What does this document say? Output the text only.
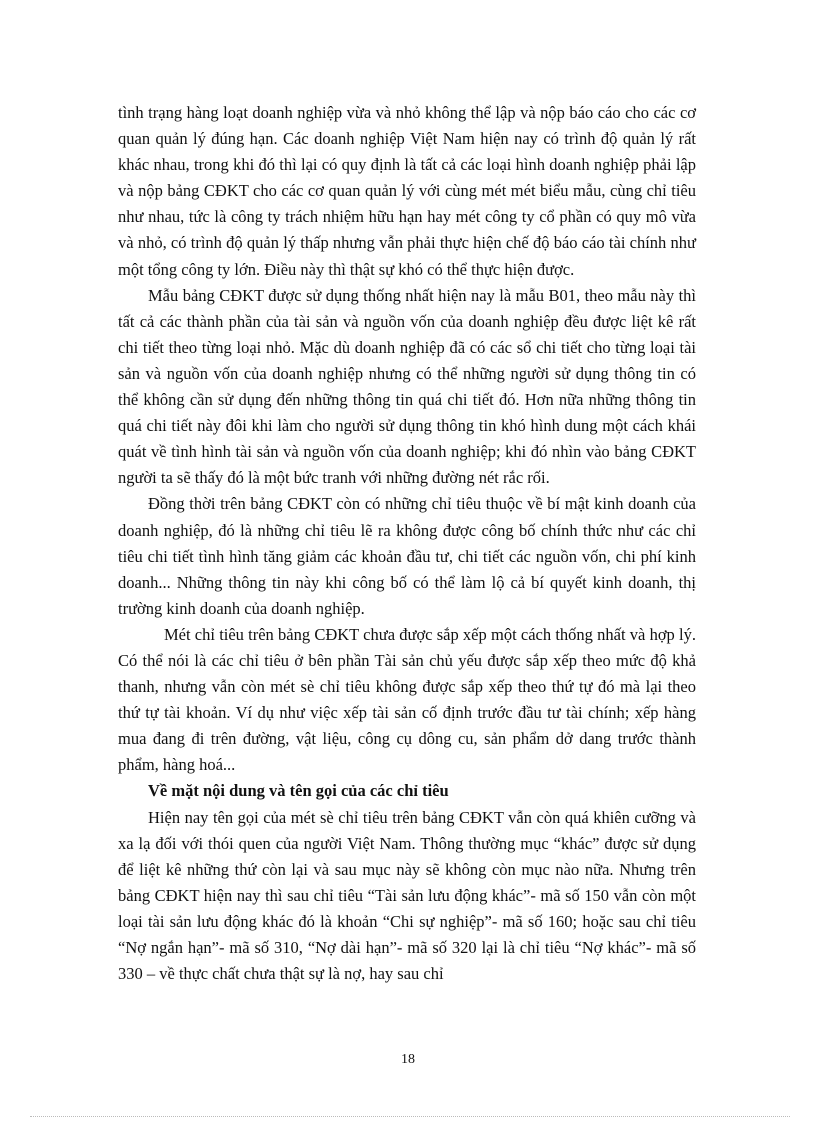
tình trạng hàng loạt doanh nghiệp vừa và nhỏ không thể lập và nộp báo cáo cho các cơ quan quản lý đúng hạn. Các doanh nghiệp Việt Nam hiện nay có trình độ quản lý rất khác nhau, trong khi đó thì lại có quy định là tất cả các loại hình doanh nghiệp phải lập và nộp bảng CĐKT cho các cơ quan quản lý với cùng mét mét biểu mẫu, cùng chỉ tiêu như nhau, tức là công ty trách nhiệm hữu hạn hay mét công ty cổ phần có quy mô vừa và nhỏ, có trình độ quản lý thấp nhưng vẫn phải thực hiện chế độ báo cáo tài chính như một tổng công ty lớn. Điều này thì thật sự khó có thể thực hiện được.

Mẫu bảng CĐKT được sử dụng thống nhất hiện nay là mẫu B01, theo mẫu này thì tất cả các thành phần của tài sản và nguồn vốn của doanh nghiệp đều được liệt kê rất chi tiết theo từng loại nhỏ. Mặc dù doanh nghiệp đã có các sổ chi tiết cho từng loại tài sản và nguồn vốn của doanh nghiệp nhưng có thể những người sử dụng thông tin có thể không cần sử dụng đến những thông tin quá chi tiết đó. Hơn nữa những thông tin quá chi tiết này đôi khi làm cho người sử dụng thông tin khó hình dung một cách khái quát về tình hình tài sản và nguồn vốn của doanh nghiệp; khi đó nhìn vào bảng CĐKT người ta sẽ thấy đó là một bức tranh với những đường nét rắc rối.

Đồng thời trên bảng CĐKT còn có những chỉ tiêu thuộc về bí mật kinh doanh của doanh nghiệp, đó là những chỉ tiêu lẽ ra không được công bố chính thức như các chỉ tiêu chi tiết tình hình tăng giảm các khoản đầu tư, chi tiết các nguồn vốn, chi phí kinh doanh... Những thông tin này khi công bố có thể làm lộ cả bí quyết kinh doanh, thị trường kinh doanh của doanh nghiệp.

Mét chỉ tiêu trên bảng CĐKT chưa được sắp xếp một cách thống nhất và hợp lý. Có thể nói là các chỉ tiêu ở bên phần Tài sản chủ yếu được sắp xếp theo mức độ khả thanh, nhưng vẫn còn mét sè chỉ tiêu không được sắp xếp theo thứ tự đó mà lại theo thứ tự tài khoản. Ví dụ như việc xếp tài sản cố định trước đầu tư tài chính; xếp hàng mua đang đi trên đường, vật liệu, công cụ dông cu, sản phẩm dở dang trước thành phẩm, hàng hoá...

Về mặt nội dung và tên gọi của các chỉ tiêu

Hiện nay tên gọi của mét sè chỉ tiêu trên bảng CĐKT vẫn còn quá khiên cưỡng và xa lạ đối với thói quen của người Việt Nam. Thông thường mục “khác” được sử dụng để liệt kê những thứ còn lại và sau mục này sẽ không còn mục nào nữa. Nhưng trên bảng CĐKT hiện nay thì sau chỉ tiêu “Tài sản lưu động khác”- mã số 150 vẫn còn một loại tài sản lưu động khác đó là khoản “Chi sự nghiệp”- mã số 160; hoặc sau chỉ tiêu “Nợ ngắn hạn”- mã số 310, “Nợ dài hạn”- mã số 320 lại là chỉ tiêu “Nợ khác”- mã số 330 – về thực chất chưa thật sự là nợ, hay sau chỉ

18
